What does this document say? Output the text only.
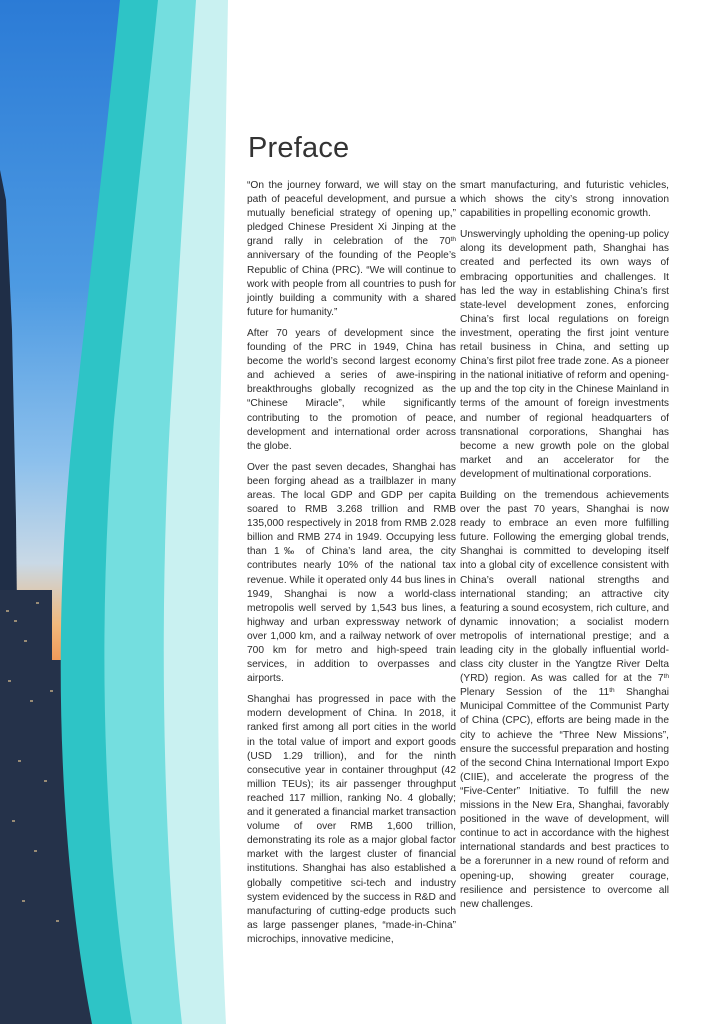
Preface

“On the journey forward, we will stay on the path of peaceful development, and pursue a mutually beneficial strategy of opening up,” pledged Chinese President Xi Jinping at the grand rally in celebration of the 70th anniversary of the founding of the People’s Republic of China (PRC). “We will continue to work with people from all countries to push for jointly building a community with a shared future for humanity.”

After 70 years of development since the founding of the PRC in 1949, China has become the world’s second largest economy and achieved a series of awe-inspiring breakthroughs globally recognized as the “Chinese Miracle”, while significantly contributing to the promotion of peace, development and international order across the globe.

Over the past seven decades, Shanghai has been forging ahead as a trailblazer in many areas. The local GDP and GDP per capita soared to RMB 3.268 trillion and RMB 135,000 respectively in 2018 from RMB 2.028 billion and RMB 274 in 1949. Occupying less than 1‰ of China’s land area, the city contributes nearly 10% of the national tax revenue. While it operated only 44 bus lines in 1949, Shanghai is now a world-class metropolis well served by 1,543 bus lines, a highway and urban expressway network of over 1,000 km, and a railway network of over 700 km for metro and high-speed train services, in addition to overpasses and airports.

Shanghai has progressed in pace with the modern development of China. In 2018, it ranked first among all port cities in the world in the total value of import and export goods (USD 1.29 trillion), and for the ninth consecutive year in container throughput (42 million TEUs); its air passenger throughput reached 117 million, ranking No. 4 globally; and it generated a financial market transaction volume of over RMB 1,600 trillion, demonstrating its role as a major global factor market with the largest cluster of financial institutions. Shanghai has also established a globally competitive sci-tech and industry system evidenced by the success in R&D and manufacturing of cutting-edge products such as large passenger planes, “made-in-China” microchips, innovative medicine,

smart manufacturing, and futuristic vehicles, which shows the city’s strong innovation capabilities in propelling economic growth.

Unswervingly upholding the opening-up policy along its development path, Shanghai has created and perfected its own ways of embracing opportunities and challenges. It has led the way in establishing China’s first state-level development zones, enforcing China’s first local regulations on foreign investment, operating the first joint venture retail business in China, and setting up China’s first pilot free trade zone. As a pioneer in the national initiative of reform and opening-up and the top city in the Chinese Mainland in terms of the amount of foreign investments and number of regional headquarters of transnational corporations, Shanghai has become a new growth pole on the global market and an accelerator for the development of multinational corporations.

Building on the tremendous achievements over the past 70 years, Shanghai is now ready to embrace an even more fulfilling future. Following the emerging global trends, Shanghai is committed to developing itself into a global city of excellence consistent with China’s overall national strengths and international standing; an attractive city featuring a sound ecosystem, rich culture, and dynamic innovation; a socialist modern metropolis of international prestige; and a leading city in the globally influential world-class city cluster in the Yangtze River Delta (YRD) region. As was called for at the 7th Plenary Session of the 11th Shanghai Municipal Committee of the Communist Party of China (CPC), efforts are being made in the city to achieve the “Three New Missions”, ensure the successful preparation and hosting of the second China International Import Expo (CIIE), and accelerate the progress of the “Five-Center” Initiative. To fulfill the new missions in the New Era, Shanghai, favorably positioned in the wave of development, will continue to act in accordance with the highest international standards and best practices to be a forerunner in a new round of reform and opening-up, showing greater courage, resilience and persistence to overcome all new challenges.
